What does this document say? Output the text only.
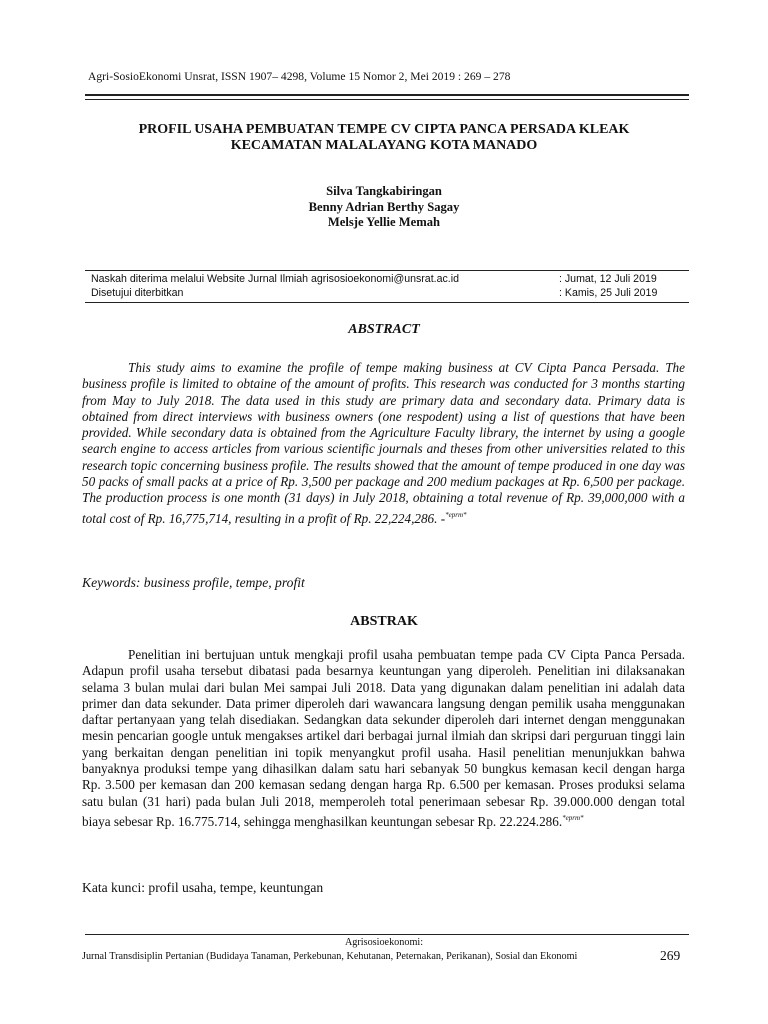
Agri-SosioEkonomi Unsrat, ISSN 1907– 4298, Volume 15 Nomor 2, Mei 2019 : 269 – 278
PROFIL USAHA PEMBUATAN TEMPE CV CIPTA PANCA PERSADA KLEAK
KECAMATAN MALALAYANG KOTA MANADO
Silva Tangkabiringan
Benny Adrian Berthy Sagay
Melsje Yellie Memah
Naskah diterima melalui Website Jurnal Ilmiah agrisosioekonomi@unsrat.ac.id	: Jumat, 12 Juli 2019
Disetujui diterbitkan	: Kamis, 25 Juli 2019
ABSTRACT
This study aims to examine the profile of tempe making business at CV Cipta Panca Persada. The business profile is limited to obtaine of the amount of profits. This research was conducted for 3 months starting from May to July 2018. The data used in this study are primary data and secondary data. Primary data is obtained from direct interviews with business owners (one respodent) using a list of questions that have been provided. While secondary data is obtained from the Agriculture Faculty library, the internet by using a google search engine to access articles from various scientific journals and theses from other universities related to this research topic concerning business profile. The results showed that the amount of tempe produced in one day was 50 packs of small packs at a price of Rp. 3,500 per package and 200 medium packages at Rp. 6,500 per package. The production process is one month (31 days) in July 2018, obtaining a total revenue of Rp. 39,000,000 with a total cost of Rp. 16,775,714, resulting in a profit of Rp. 22,224,286. -$^{*eprm*}$
Keywords: business profile, tempe, profit
ABSTRAK
Penelitian ini bertujuan untuk mengkaji profil usaha pembuatan tempe pada CV Cipta Panca Persada. Adapun profil usaha tersebut dibatasi pada besarnya keuntungan yang diperoleh. Penelitian ini dilaksanakan selama 3 bulan mulai dari bulan Mei sampai Juli 2018. Data yang digunakan dalam penelitian ini adalah data primer dan data sekunder. Data primer diperoleh dari wawancara langsung dengan pemilik usaha menggunakan daftar pertanyaan yang telah disediakan. Sedangkan data sekunder diperoleh dari internet dengan menggunakan mesin pencarian google untuk mengakses artikel dari berbagai jurnal ilmiah dan skripsi dari perguruan tinggi lain yang berkaitan dengan penelitian ini topik menyangkut profil usaha. Hasil penelitian menunjukkan bahwa banyaknya produksi tempe yang dihasilkan dalam satu hari sebanyak 50 bungkus kemasan kecil dengan harga Rp. 3.500 per kemasan dan 200 kemasan sedang dengan harga Rp. 6.500 per kemasan. Proses produksi selama satu bulan (31 hari) pada bulan Juli 2018, memperoleh total penerimaan sebesar Rp. 39.000.000 dengan total biaya sebesar Rp. 16.775.714, sehingga menghasilkan keuntungan sebesar Rp. 22.224.286.$^{*eprm*}$
Kata kunci: profil usaha, tempe, keuntungan
Agrisosioekonomi:
Jurnal Transdisiplin Pertanian (Budidaya Tanaman, Perkebunan, Kehutanan, Peternakan, Perikanan), Sosial dan Ekonomi	269
